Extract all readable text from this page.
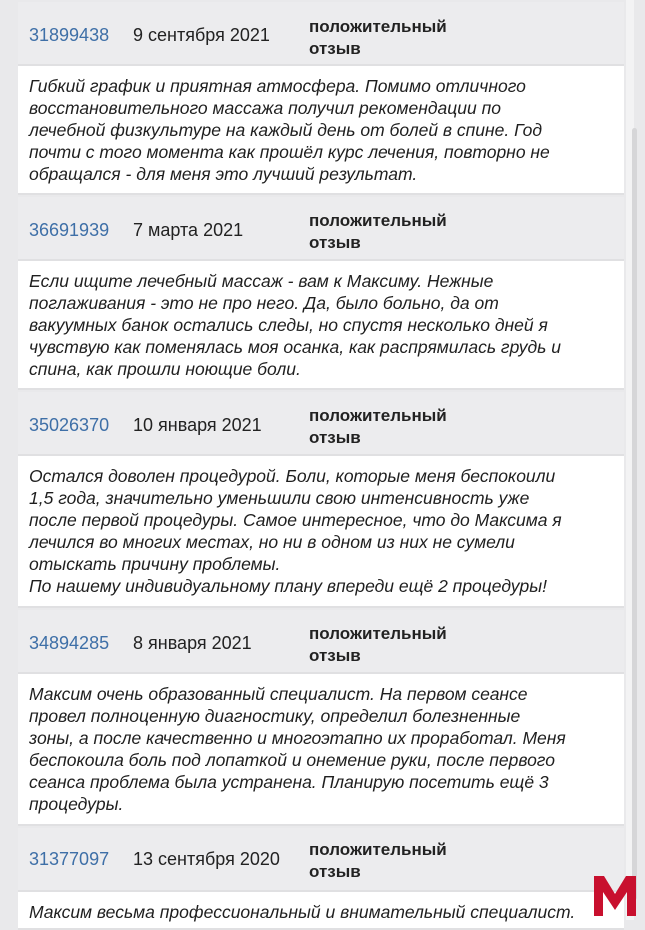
31899438 9 сентября 2021 положительный отзыв

Гибкий график и приятная атмосфера. Помимо отличного
восстановительного массажа получил рекомендации по
лечебной физкультуре на каждый день от болей в спине. Год
почти с того момента как прошёл курс лечения, повторно не
обращался - для меня это лучший результат.

36691939 7 марта 2021	положительный отзыв

Если ищите лечебный массаж - вам к Максиму. Нежные
поглаживания - это не про него. Да, было больно, да от
вакуумных банок остались следы, но спустя несколько дней я
чувствую как поменялась моя осанка, как распрямилась грудь и
спина, как прошли ноющие боли.

35026370 10 января 2021	положительный отзыв

Остался доволен процедурой. Боли, которые меня беспокоили
1,5 года, значительно уменьшили свою интенсивность уже
после первой процедуры. Самое интересное, что до Максима я
лечился во многих местах, но ни в одном из них не сумели
отыскать причину проблемы.
По нашему индивидуальному плану впереди ещё 2 процедуры!

34894285 8 января 2021	положительный отзыв

Максим очень образованный специалист. На первом сеансе
провел полноценную диагностику, определил болезненные
зоны, а после качественно и многоэтапно их проработал. Меня
беспокоила боль под лопаткой и онемение руки, после первого
сеанса проблема была устранена. Планирую посетить ещё 3
процедуры.

31377097 13 сентября 2020 положительный отзыв

Максим весьма профессиональный и внимательный специалист.
